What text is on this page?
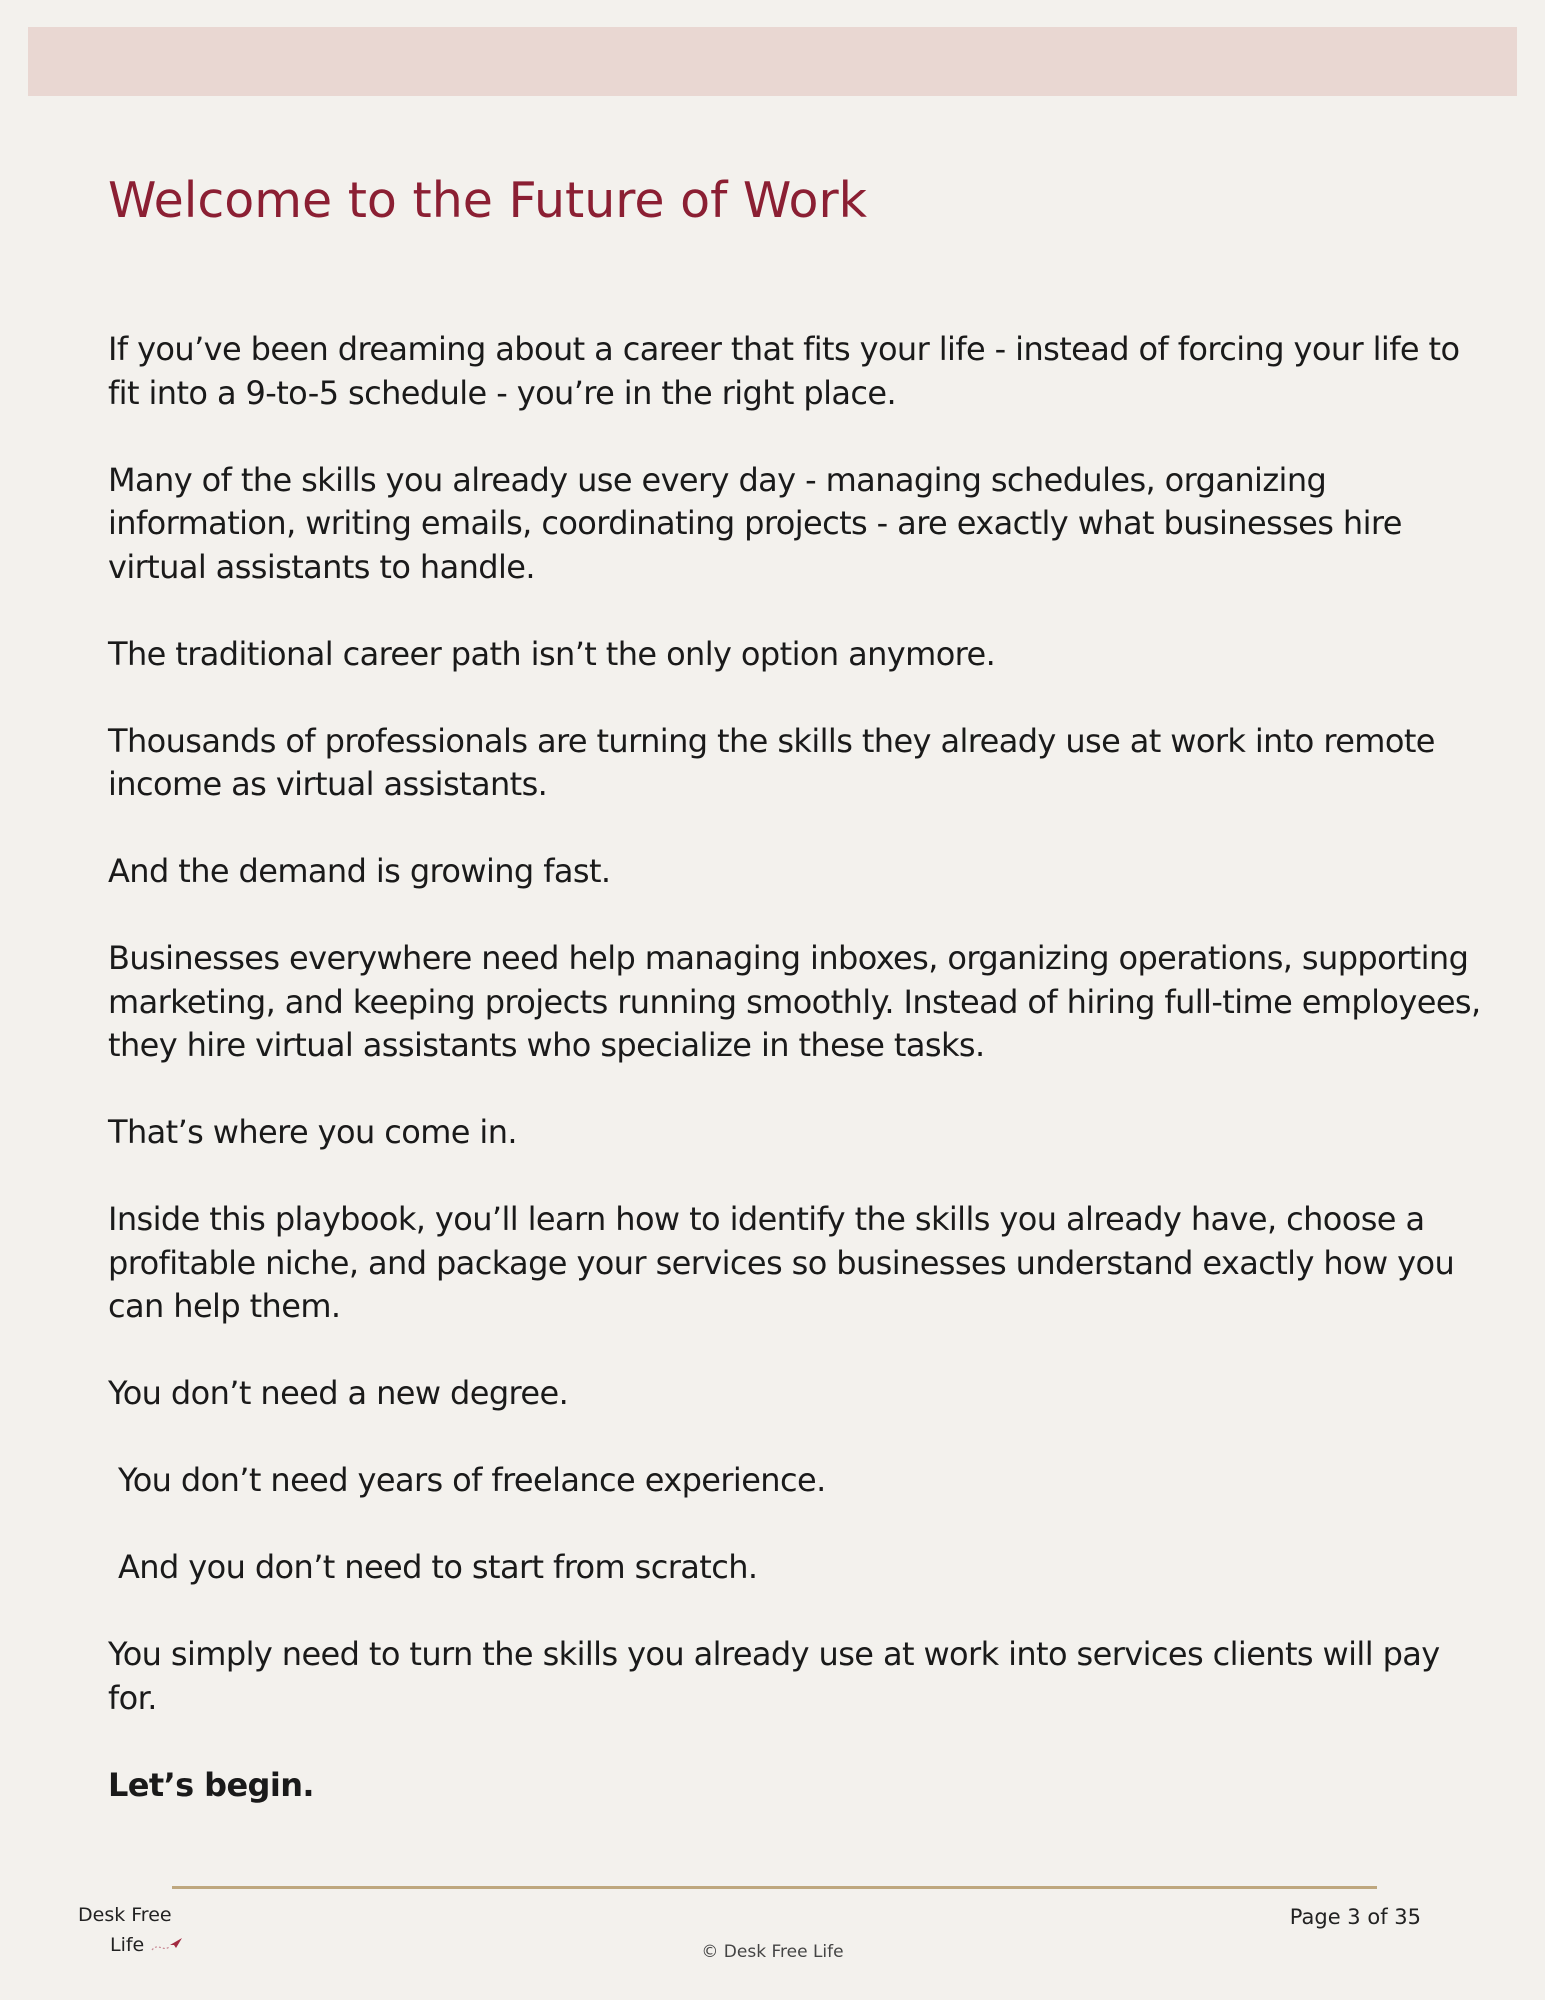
Welcome to the Future of Work

If you’ve been dreaming about a career that fits your life - instead of forcing your life to fit into a 9-to-5 schedule - you’re in the right place.

Many of the skills you already use every day - managing schedules, organizing information, writing emails, coordinating projects - are exactly what businesses hire virtual assistants to handle.

The traditional career path isn’t the only option anymore.

Thousands of professionals are turning the skills they already use at work into remote income as virtual assistants.

And the demand is growing fast.

Businesses everywhere need help managing inboxes, organizing operations, supporting marketing, and keeping projects running smoothly. Instead of hiring full-time employees, they hire virtual assistants who specialize in these tasks.

That’s where you come in.

Inside this playbook, you’ll learn how to identify the skills you already have, choose a profitable niche, and package your services so businesses understand exactly how you can help them.

You don’t need a new degree.

You don’t need years of freelance experience.

And you don’t need to start from scratch.

You simply need to turn the skills you already use at work into services clients will pay for.

Let’s begin.

Desk Free
Life
Page 3 of 35
© Desk Free Life
